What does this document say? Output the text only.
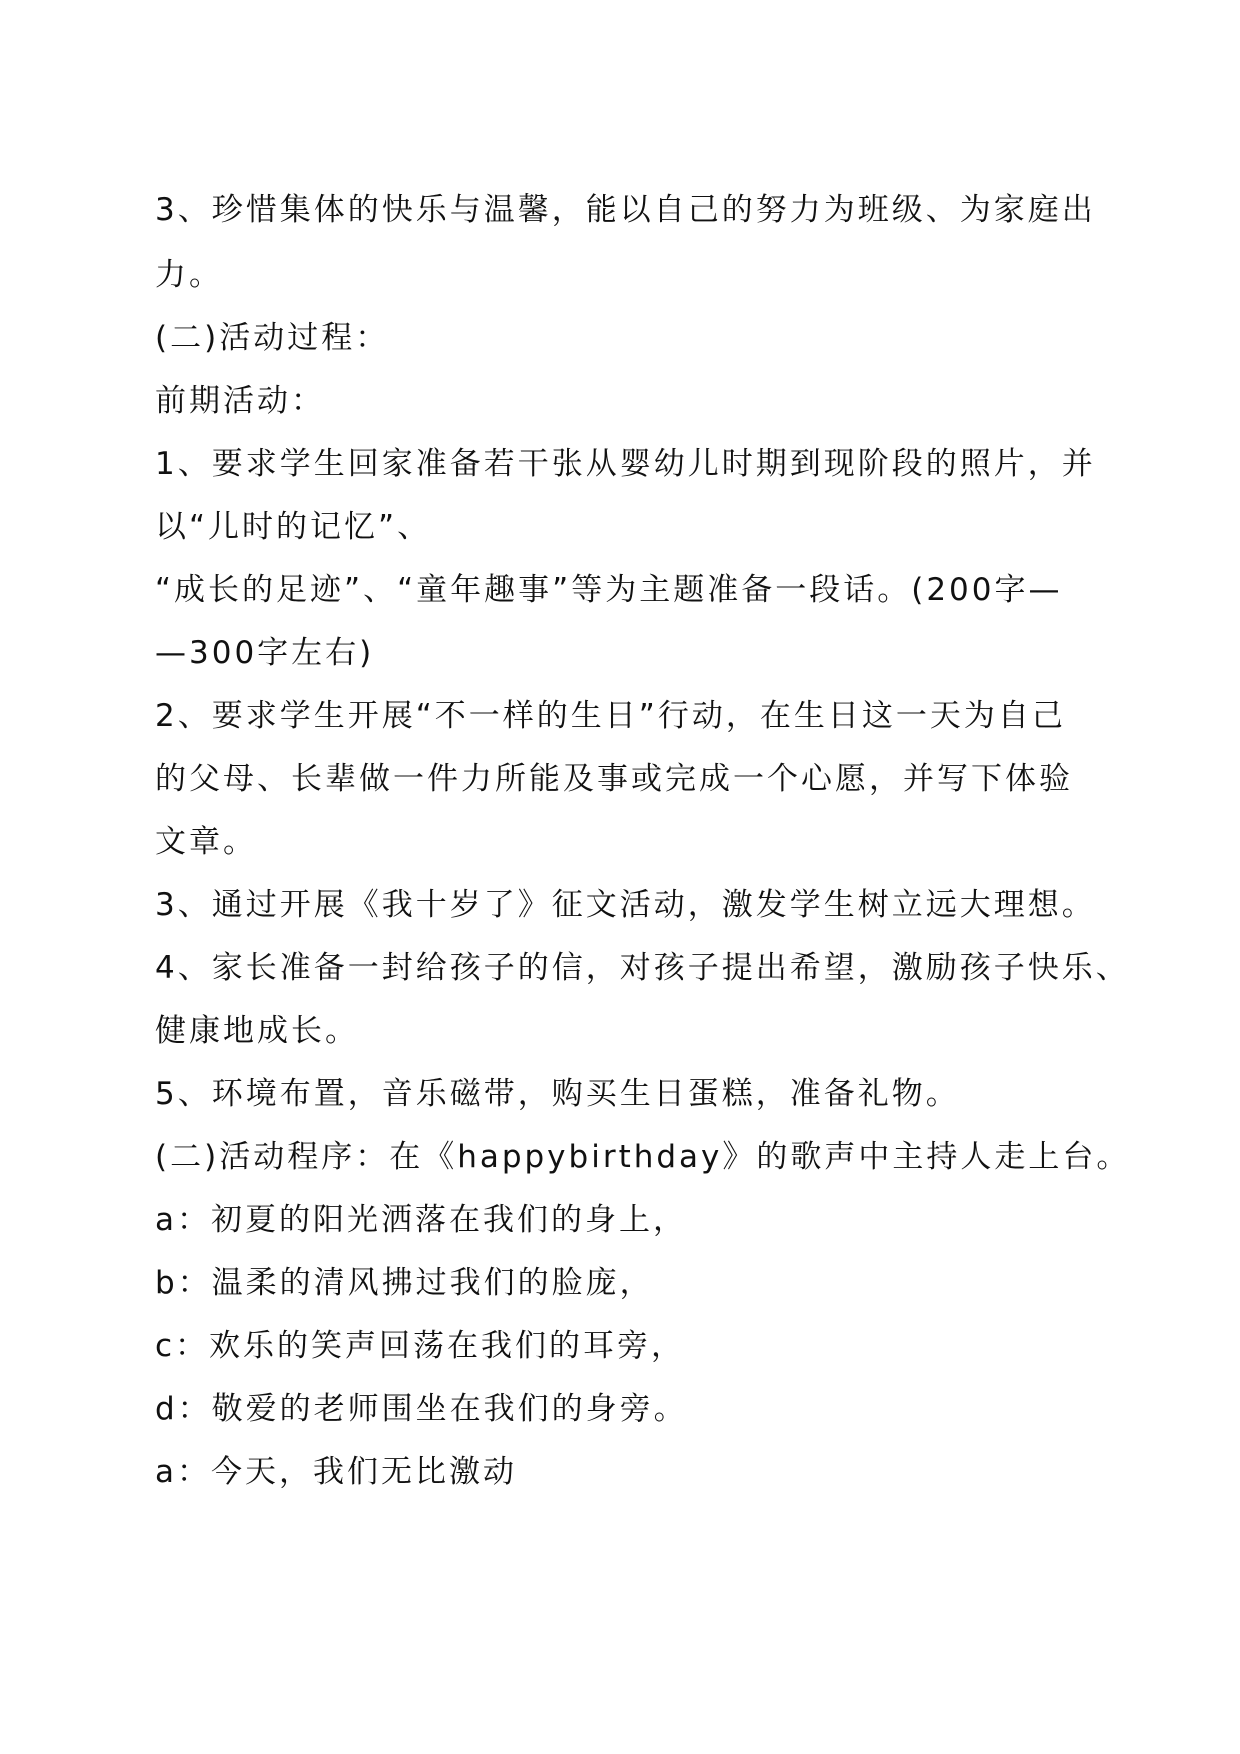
3、珍惜集体的快乐与温馨，能以自己的努力为班级、为家庭出
力。
(二)活动过程：
前期活动：
1、要求学生回家准备若干张从婴幼儿时期到现阶段的照片，并
以“儿时的记忆”、
“成长的足迹”、“童年趣事”等为主题准备一段话。(200字—
—300字左右)
2、要求学生开展“不一样的生日”行动，在生日这一天为自己
的父母、长辈做一件力所能及事或完成一个心愿，并写下体验
文章。
3、通过开展《我十岁了》征文活动，激发学生树立远大理想。
4、家长准备一封给孩子的信，对孩子提出希望，激励孩子快乐、
健康地成长。
5、环境布置，音乐磁带，购买生日蛋糕，准备礼物。
(二)活动程序：在《happybirthday》的歌声中主持人走上台。
a：初夏的阳光洒落在我们的身上，
b：温柔的清风拂过我们的脸庞，
c：欢乐的笑声回荡在我们的耳旁，
d：敬爱的老师围坐在我们的身旁。
a：今天，我们无比激动
